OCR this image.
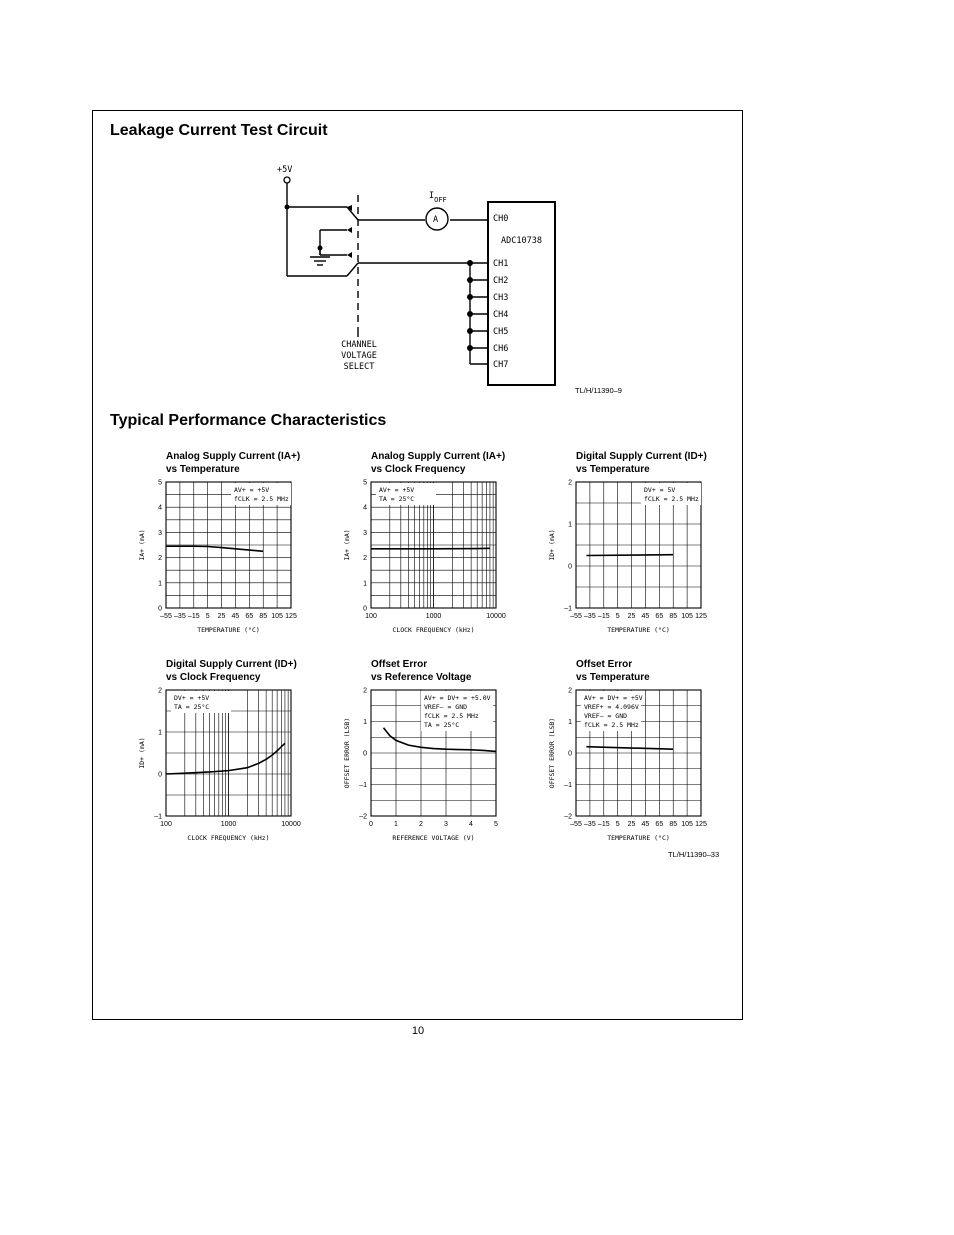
Leakage Current Test Circuit
+5V
A
$I_{OFF}$
ADC10738
CH0
CH1
CH2
CH3
CH4
CH5
CH6
CH7
CHANNEL
VOLTAGE
SELECT
TL/H/11390–9
Typical Performance Characteristics
Analog Supply Current (IA+)
vs Temperature
AV+ = +5V
fCLK = 2.5 MHz
0
1
2
3
4
5
–55 –35 –15 5 25 45 65 85 105 125
TEMPERATURE (°C)
IA+ (mA)
Analog Supply Current (IA+)
vs Clock Frequency
AV+ = +5V
TA = 25°C
0
1
2
3
4
5
100	1000	10000
CLOCK FREQUENCY (kHz)
IA+ (mA)
Digital Supply Current (ID+)
vs Temperature
DV+ = 5V
fCLK = 2.5 MHz
–1
0
1
2
–55 –35 –15 5 25 45 65 85 105 125
TEMPERATURE (°C)
ID+ (mA)
Digital Supply Current (ID+)
vs Clock Frequency
DV+ = +5V
TA = 25°C
–1
0
1
2
100	1000	10000
CLOCK FREQUENCY (kHz)
ID+ (mA)
Offset Error
vs Reference Voltage
AV+ = DV+ = +5.0V
VREF– = GND
fCLK = 2.5 MHz
TA = 25°C
–2
–1
0
1
2
0	1	2	3	4	5
REFERENCE VOLTAGE (V)
OFFSET ERROR (LSB)
Offset Error
vs Temperature
AV+ = DV+ = +5V
VREF+ = 4.096V
VREF– = GND
fCLK = 2.5 MHz
–2
–1
0
1
2
–55 –35 –15 5 25 45 65 85 105 125
TEMPERATURE (°C)
OFFSET ERROR (LSB)
TL/H/11390–33
10
